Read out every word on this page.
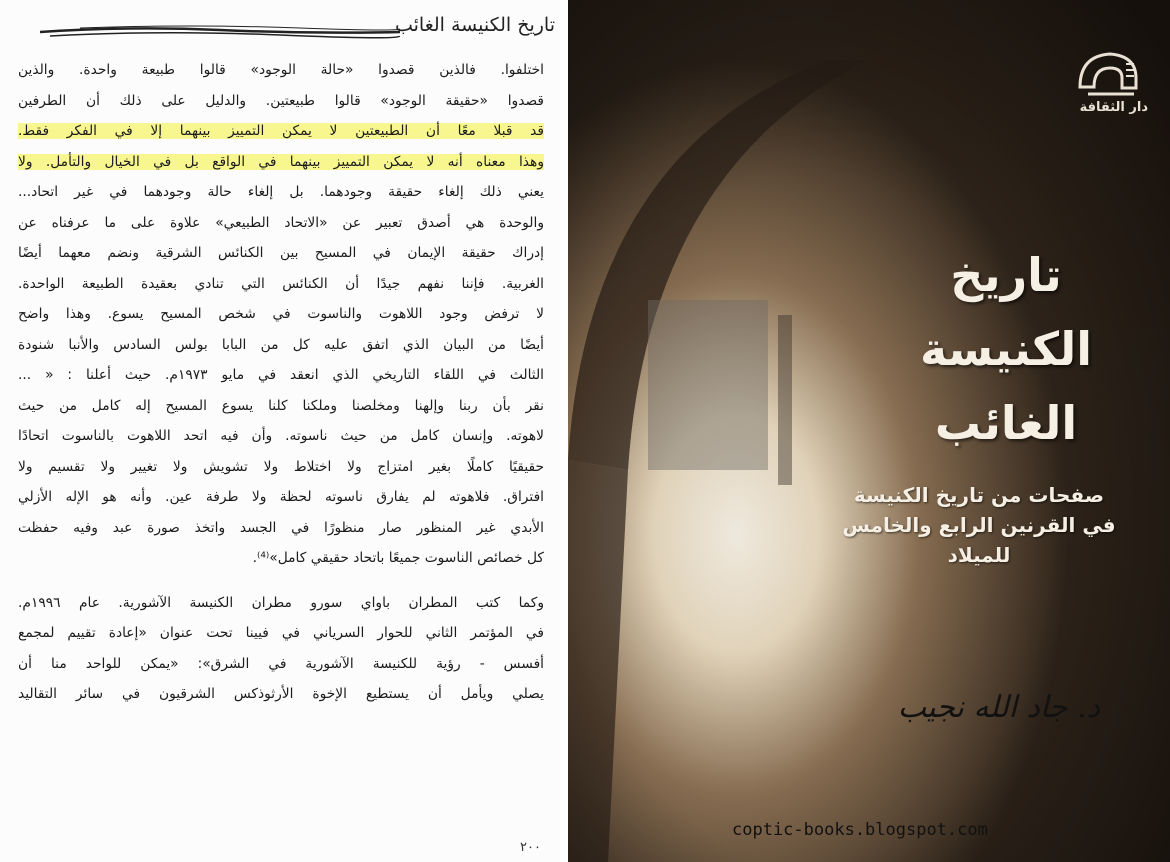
تاريخ الكنيسة الغائب
اختلفوا. فالذين قصدوا «حالة الوجود» قالوا طبيعة واحدة. والذين
قصدوا «حقيقة الوجود» قالوا طبيعتين. والدليل على ذلك أن الطرفين
قد قبلا معًا أن الطبيعتين لا يمكن التمييز بينهما إلا في الفكر فقط.
وهذا معناه أنه لا يمكن التمييز بينهما في الواقع بل في الخيال والتأمل. ولا
يعني ذلك إلغاء حقيقة وجودهما. بل إلغاء حالة وجودهما في غير اتحاد...
والوحدة هي أصدق تعبير عن «الاتحاد الطبيعي» علاوة على ما عرفناه عن
إدراك حقيقة الإيمان في المسيح بين الكنائس الشرقية ونضم معهما أيضًا
الغربية. فإننا نفهم جيدًا أن الكنائس التي تنادي بعقيدة الطبيعة الواحدة.
لا ترفض وجود اللاهوت والناسوت في شخص المسيح يسوع. وهذا واضح
أيضًا من البيان الذي اتفق عليه كل من البابا بولس السادس والأنبا شنودة
الثالث في اللقاء التاريخي الذي انعقد في مايو ١٩٧٣م. حيث أعلنا : « ...
نقر بأن ربنا وإلهنا ومخلصنا وملكنا كلنا يسوع المسيح إله كامل من حيث
لاهوته. وإنسان كامل من حيث ناسوته. وأن فيه اتحد اللاهوت بالناسوت اتحادًا
حقيقيًا كاملًا بغير امتزاج ولا اختلاط ولا تشويش ولا تغيير ولا تقسيم ولا
افتراق. فلاهوته لم يفارق ناسوته لحظة ولا طرفة عين. وأنه هو الإله الأزلي
الأبدي غير المنظور صار منظورًا في الجسد واتخذ صورة عبد وفيه حفظت
كل خصائص الناسوت جميعًا باتحاد حقيقي كامل»⁽⁴⁾.
وكما كتب المطران باواي سورو مطران الكنيسة الآشورية. عام ١٩٩٦م.
في المؤتمر الثاني للحوار السرياني في فيينا تحت عنوان «إعادة تقييم لمجمع
أفسس - رؤية للكنيسة الآشورية في الشرق»: «يمكن للواحد منا أن
يصلي ويأمل أن يستطيع الإخوة الأرثوذكس الشرقيون في سائر التقاليد
٢٠٠
دار الثقافة
تاريخ
الكنيسة
الغائب
صفحات من تاريخ الكنيسة
في القرنين الرابع والخامس
للميلاد
د. جاد الله نجيب
coptic-books.blogspot.com
